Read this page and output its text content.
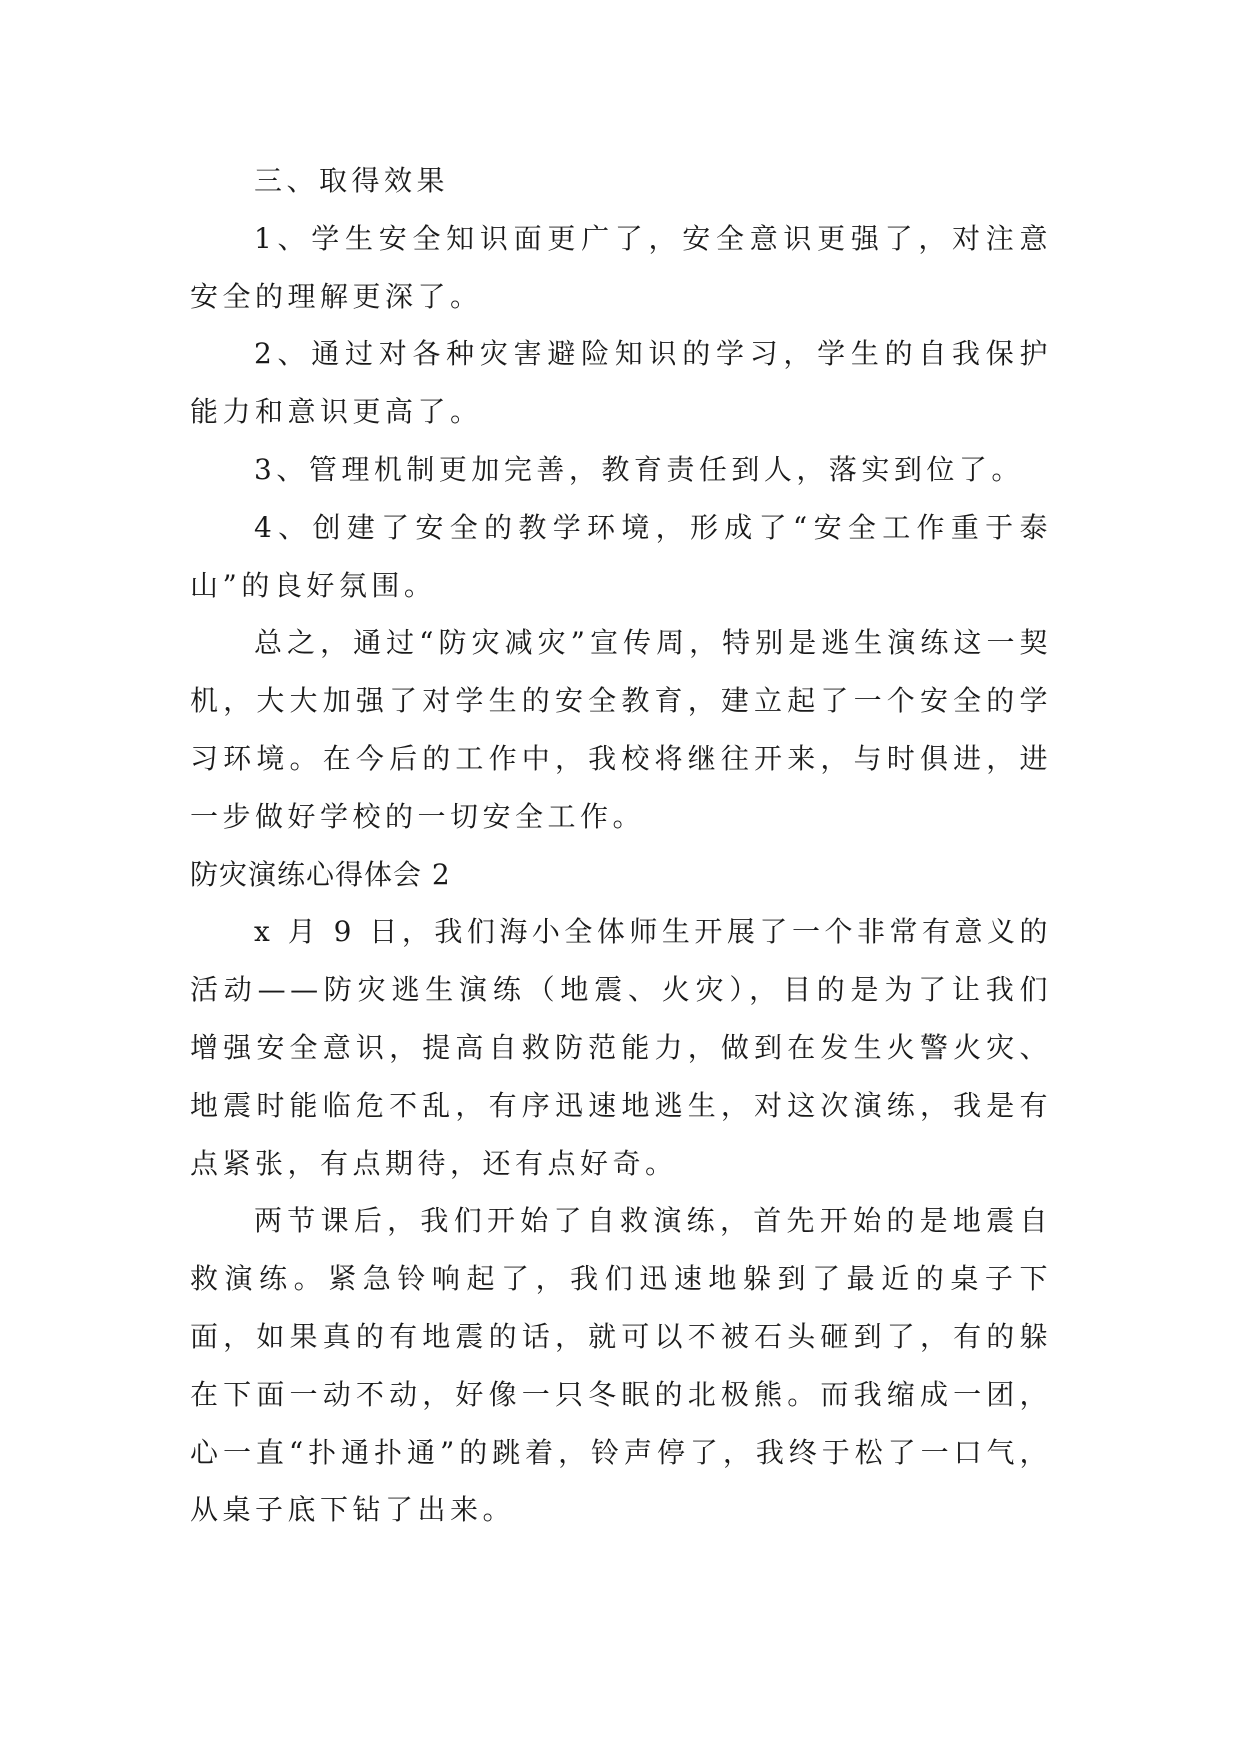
三、取得效果

1、学生安全知识面更广了，安全意识更强了，对注意安全的理解更深了。

2、通过对各种灾害避险知识的学习，学生的自我保护能力和意识更高了。

3、管理机制更加完善，教育责任到人，落实到位了。

4、创建了安全的教学环境，形成了“安全工作重于泰山”的良好氛围。

总之，通过“防灾减灾”宣传周，特别是逃生演练这一契机，大大加强了对学生的安全教育，建立起了一个安全的学习环境。在今后的工作中，我校将继往开来，与时俱进，进一步做好学校的一切安全工作。

防灾演练心得体会 2

x 月 9 日，我们海小全体师生开展了一个非常有意义的活动——防灾逃生演练（地震、火灾），目的是为了让我们增强安全意识，提高自救防范能力，做到在发生火警火灾、地震时能临危不乱，有序迅速地逃生，对这次演练，我是有点紧张，有点期待，还有点好奇。

两节课后，我们开始了自救演练，首先开始的是地震自救演练。紧急铃响起了，我们迅速地躲到了最近的桌子下面，如果真的有地震的话，就可以不被石头砸到了，有的躲在下面一动不动，好像一只冬眠的北极熊。而我缩成一团，心一直“扑通扑通”的跳着，铃声停了，我终于松了一口气，从桌子底下钻了出来。
